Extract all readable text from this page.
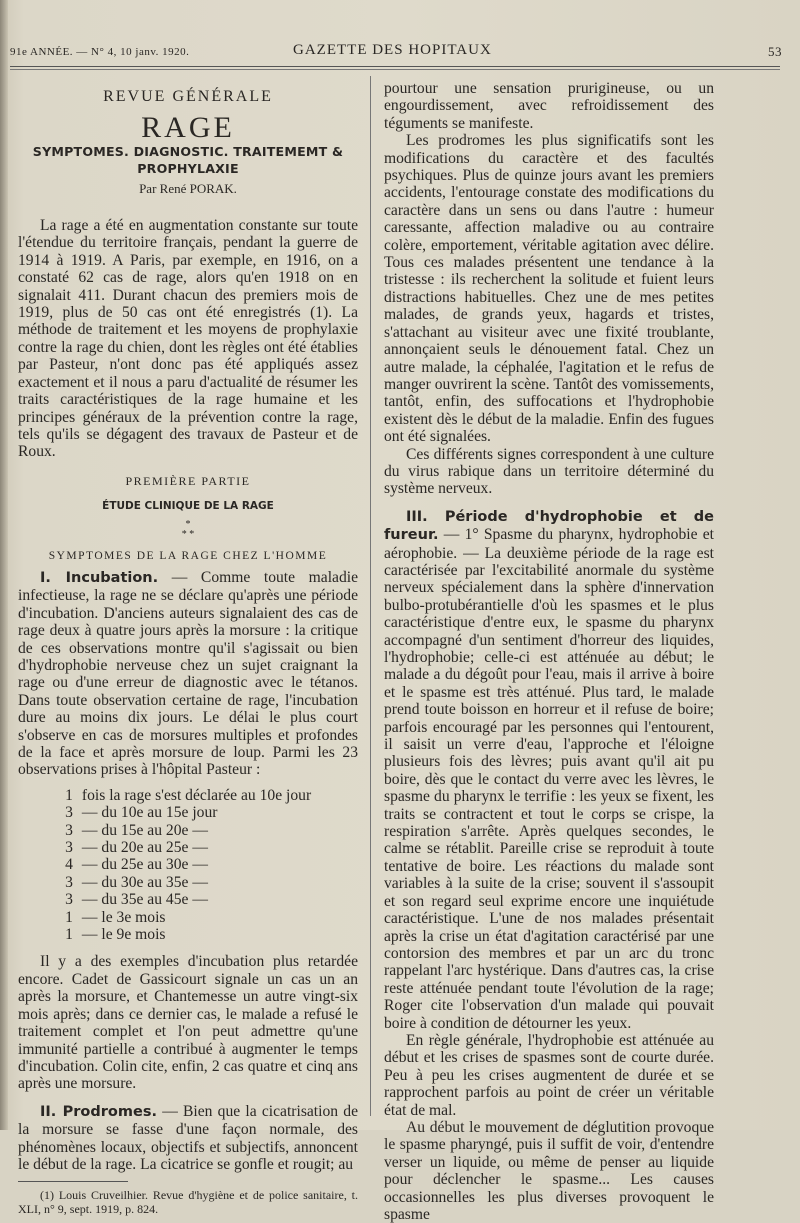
91e ANNÉE. — N° 4, 10 janv. 1920.	GAZETTE DES HOPITAUX	53
REVUE GÉNÉRALE
RAGE
SYMPTOMES. DIAGNOSTIC. TRAITEMEMT & PROPHYLAXIE
Par René PORAK.

La rage a été en augmentation constante sur toute l'étendue du territoire français, pendant la guerre de 1914 à 1919. A Paris, par exemple, en 1916, on a constaté 62 cas de rage, alors qu'en 1918 on en signalait 411. Durant chacun des premiers mois de 1919, plus de 50 cas ont été enregistrés (1). La méthode de traitement et les moyens de prophylaxie contre la rage du chien, dont les règles ont été établies par Pasteur, n'ont donc pas été appliqués assez exactement et il nous a paru d'actualité de résumer les traits caractéristiques de la rage humaine et les principes généraux de la prévention contre la rage, tels qu'ils se dégagent des travaux de Pasteur et de Roux.

PREMIÈRE PARTIE
ÉTUDE CLINIQUE DE LA RAGE
*
* *
SYMPTOMES DE LA RAGE CHEZ L'HOMME

I. Incubation. — Comme toute maladie infectieuse, la rage ne se déclare qu'après une période d'incubation. D'anciens auteurs signalaient des cas de rage deux à quatre jours après la morsure : la critique de ces observations montre qu'il s'agissait ou bien d'hydrophobie nerveuse chez un sujet craignant la rage ou d'une erreur de diagnostic avec le tétanos. Dans toute observation certaine de rage, l'incubation dure au moins dix jours. Le délai le plus court s'observe en cas de morsures multiples et profondes de la face et après morsure de loup. Parmi les 23 observations prises à l'hôpital Pasteur :

1 fois la rage s'est déclarée au 10e jour
3 — du 10e au 15e jour
3 — du 15e au 20e —
3 — du 20e au 25e —
4 — du 25e au 30e —
3 — du 30e au 35e —
3 — du 35e au 45e —
1 — le 3e mois
1 — le 9e mois

Il y a des exemples d'incubation plus retardée encore. Cadet de Gassicourt signale un cas un an après la morsure, et Chantemesse un autre vingt-six mois après; dans ce dernier cas, le malade a refusé le traitement complet et l'on peut admettre qu'une immunité partielle a contribué à augmenter le temps d'incubation. Colin cite, enfin, 2 cas quatre et cinq ans après une morsure.

II. Prodromes. — Bien que la cicatrisation de la morsure se fasse d'une façon normale, des phénomènes locaux, objectifs et subjectifs, annoncent le début de la rage. La cicatrice se gonfle et rougit; au

(1) Louis Cruveilhier. Revue d'hygiène et de police sanitaire, t. XLI, n° 9, sept. 1919, p. 824.

pourtour une sensation prurigineuse, ou un engourdissement, avec refroidissement des téguments se manifeste.

Les prodromes les plus significatifs sont les modifications du caractère et des facultés psychiques. Plus de quinze jours avant les premiers accidents, l'entourage constate des modifications du caractère dans un sens ou dans l'autre : humeur caressante, affection maladive ou au contraire colère, emportement, véritable agitation avec délire. Tous ces malades présentent une tendance à la tristesse : ils recherchent la solitude et fuient leurs distractions habituelles. Chez une de mes petites malades, de grands yeux, hagards et tristes, s'attachant au visiteur avec une fixité troublante, annonçaient seuls le dénouement fatal. Chez un autre malade, la céphalée, l'agitation et le refus de manger ouvrirent la scène. Tantôt des vomissements, tantôt, enfin, des suffocations et l'hydrophobie existent dès le début de la maladie. Enfin des fugues ont été signalées.

Ces différents signes correspondent à une culture du virus rabique dans un territoire déterminé du système nerveux.

III. Période d'hydrophobie et de fureur. — 1° Spasme du pharynx, hydrophobie et aérophobie. — La deuxième période de la rage est caractérisée par l'excitabilité anormale du système nerveux spécialement dans la sphère d'innervation bulbo-protubérantielle d'où les spasmes et le plus caractéristique d'entre eux, le spasme du pharynx accompagné d'un sentiment d'horreur des liquides, l'hydrophobie; celle-ci est atténuée au début; le malade a du dégoût pour l'eau, mais il arrive à boire et le spasme est très atténué. Plus tard, le malade prend toute boisson en horreur et il refuse de boire; parfois encouragé par les personnes qui l'entourent, il saisit un verre d'eau, l'approche et l'éloigne plusieurs fois des lèvres; puis avant qu'il ait pu boire, dès que le contact du verre avec les lèvres, le spasme du pharynx le terrifie : les yeux se fixent, les traits se contractent et tout le corps se crispe, la respiration s'arrête. Après quelques secondes, le calme se rétablit. Pareille crise se reproduit à toute tentative de boire. Les réactions du malade sont variables à la suite de la crise; souvent il s'assoupit et son regard seul exprime encore une inquiétude caractéristique. L'une de nos malades présentait après la crise un état d'agitation caractérisé par une contorsion des membres et par un arc du tronc rappelant l'arc hystérique. Dans d'autres cas, la crise reste atténuée pendant toute l'évolution de la rage; Roger cite l'observation d'un malade qui pouvait boire à condition de détourner les yeux.

En règle générale, l'hydrophobie est atténuée au début et les crises de spasmes sont de courte durée. Peu à peu les crises augmentent de durée et se rapprochent parfois au point de créer un véritable état de mal.

Au début le mouvement de déglutition provoque le spasme pharyngé, puis il suffit de voir, d'entendre verser un liquide, ou même de penser au liquide pour déclencher le spasme... Les causes occasionnelles les plus diverses provoquent le spasme
